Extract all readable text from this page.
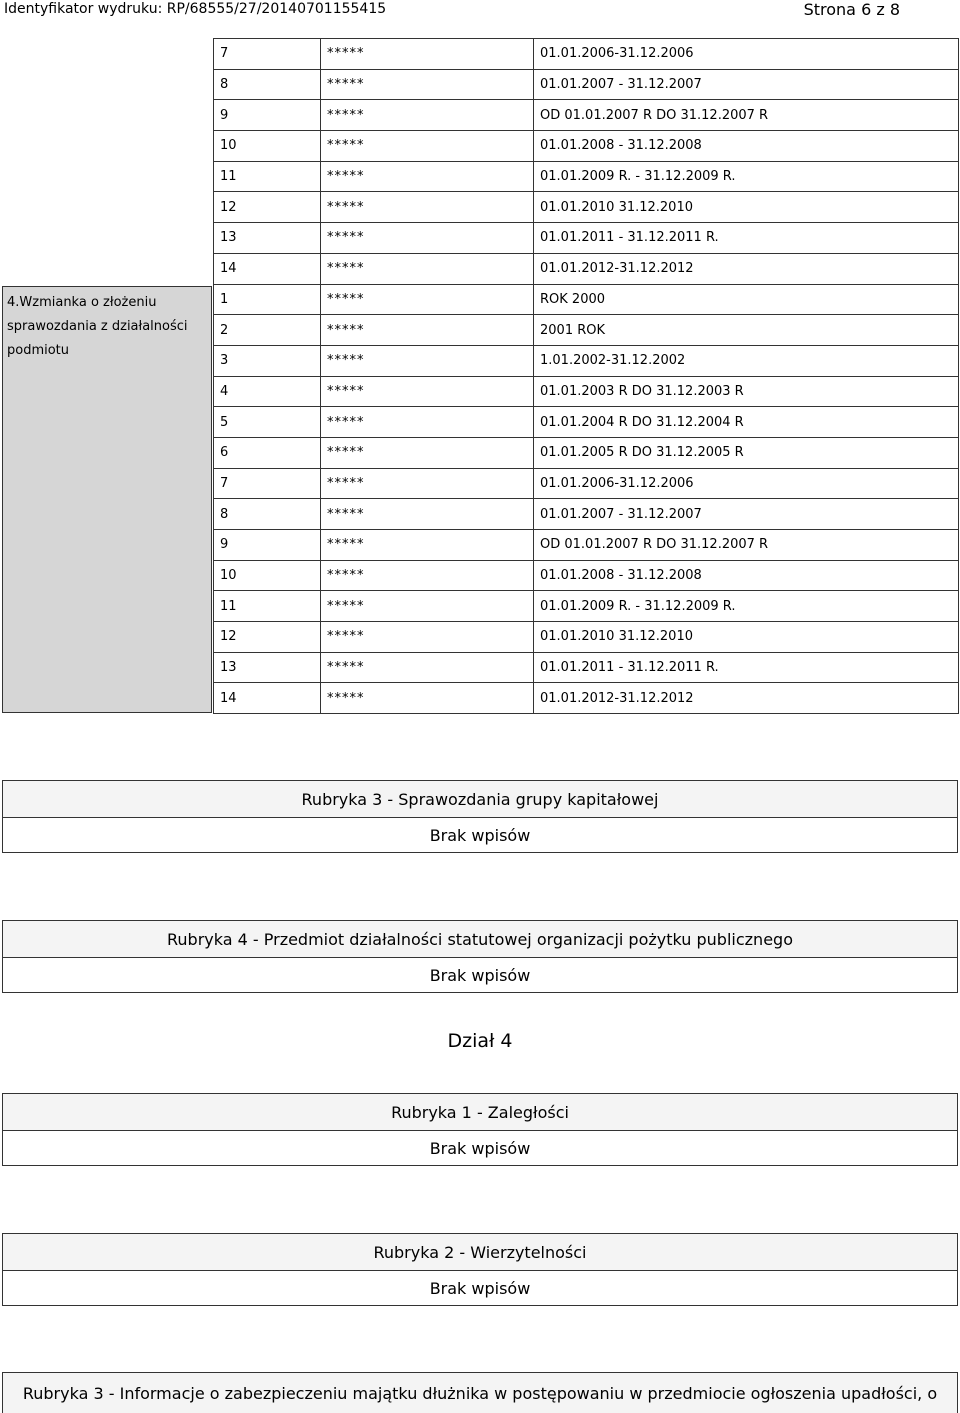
Identyfikator wydruku: RP/68555/27/20140701155415	Strona 6 z 8
4.Wzmianka o złożeniu sprawozdania z działalności podmiotu
7	*****	01.01.2006-31.12.2006
8	*****	01.01.2007 - 31.12.2007
9	*****	OD 01.01.2007 R DO 31.12.2007 R
10	*****	01.01.2008 - 31.12.2008
11	*****	01.01.2009 R. - 31.12.2009 R.
12	*****	01.01.2010 31.12.2010
13	*****	01.01.2011 - 31.12.2011 R.
14	*****	01.01.2012-31.12.2012
1	*****	ROK 2000
2	*****	2001 ROK
3	*****	1.01.2002-31.12.2002
4	*****	01.01.2003 R DO 31.12.2003 R
5	*****	01.01.2004 R DO 31.12.2004 R
6	*****	01.01.2005 R DO 31.12.2005 R
7	*****	01.01.2006-31.12.2006
8	*****	01.01.2007 - 31.12.2007
9	*****	OD 01.01.2007 R DO 31.12.2007 R
10	*****	01.01.2008 - 31.12.2008
11	*****	01.01.2009 R. - 31.12.2009 R.
12	*****	01.01.2010 31.12.2010
13	*****	01.01.2011 - 31.12.2011 R.
14	*****	01.01.2012-31.12.2012
Rubryka 3 - Sprawozdania grupy kapitałowej
Brak wpisów
Rubryka 4 - Przedmiot działalności statutowej organizacji pożytku publicznego
Brak wpisów
Dział 4
Rubryka 1 - Zaległości
Brak wpisów
Rubryka 2 - Wierzytelności
Brak wpisów
Rubryka 3 - Informacje o zabezpieczeniu majątku dłużnika w postępowaniu w przedmiocie ogłoszenia upadłości, o
